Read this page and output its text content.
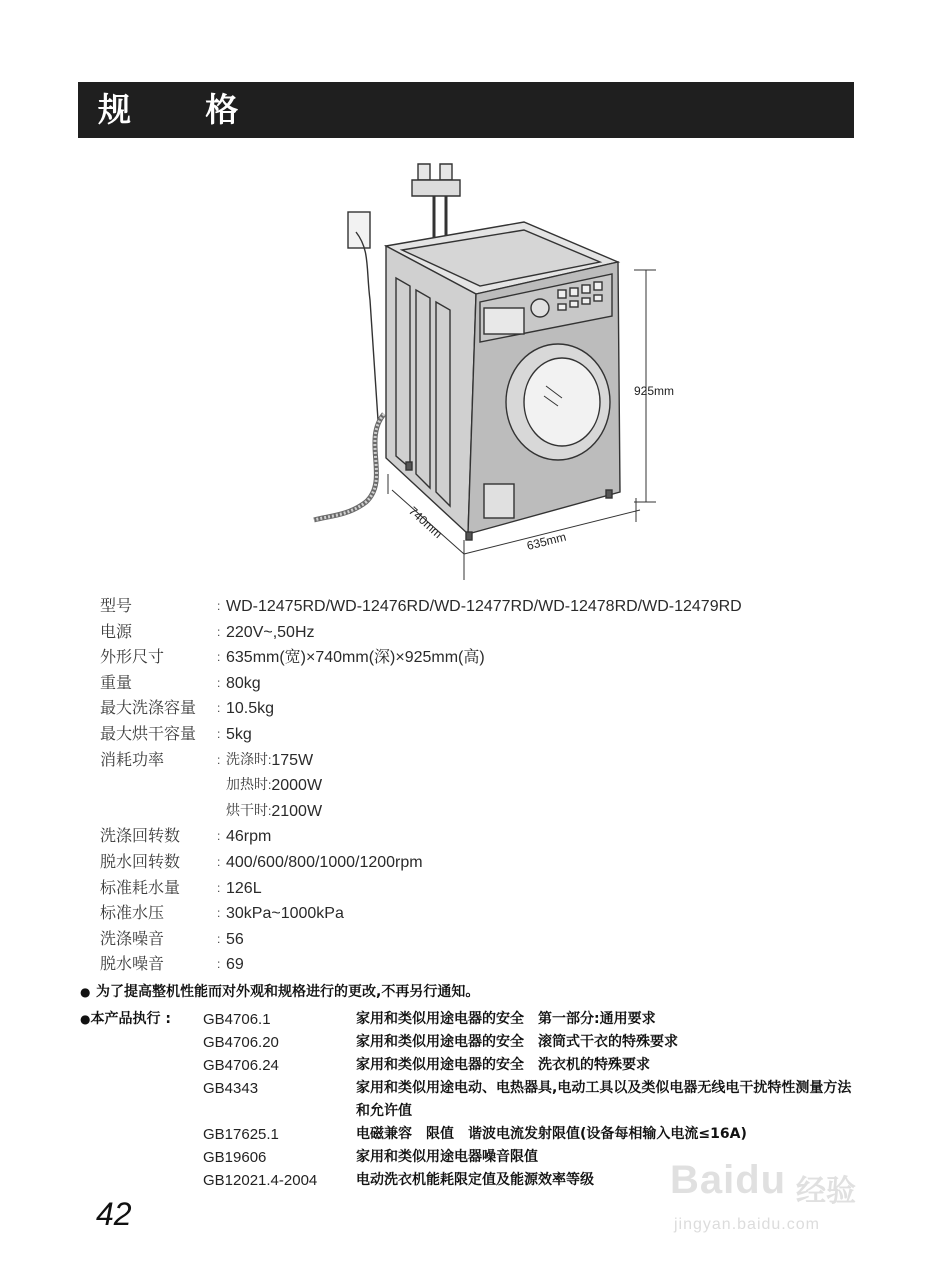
规 格
925mm
740mm
635mm
型号	: WD-12475RD/WD-12476RD/WD-12477RD/WD-12478RD/WD-12479RD
电源	: 220V~,50Hz
外形尺寸	: 635mm(宽)×740mm(深)×925mm(高)
重量	: 80kg
最大洗涤容量	: 10.5kg
最大烘干容量	: 5kg
消耗功率	: 洗涤时 : 175W
加热时 : 2000W
烘干时 : 2100W
洗涤回转数	: 46rpm
脱水回转数	: 400/600/800/1000/1200rpm
标准耗水量	: 126L
标准水压	: 30kPa~1000kPa
洗涤噪音	: 56
脱水噪音	: 69
● 为了提高整机性能而对外观和规格进行的更改,不再另行通知。
●本产品执行 :	GB4706.1	家用和类似用途电器的安全　第一部分:通用要求
GB4706.20	家用和类似用途电器的安全　滚筒式干衣的特殊要求
GB4706.24	家用和类似用途电器的安全　洗衣机的特殊要求
GB4343	家用和类似用途电动、电热器具,电动工具以及类似电器无线电干扰特性测量方法和允许值
GB17625.1	电磁兼容　限值　谐波电流发射限值(设备每相输入电流≤16A)
GB19606	家用和类似用途电器噪音限值
GB12021.4-2004	电动洗衣机能耗限定值及能源效率等级
42
Baidu 经验
jingyan.baidu.com
